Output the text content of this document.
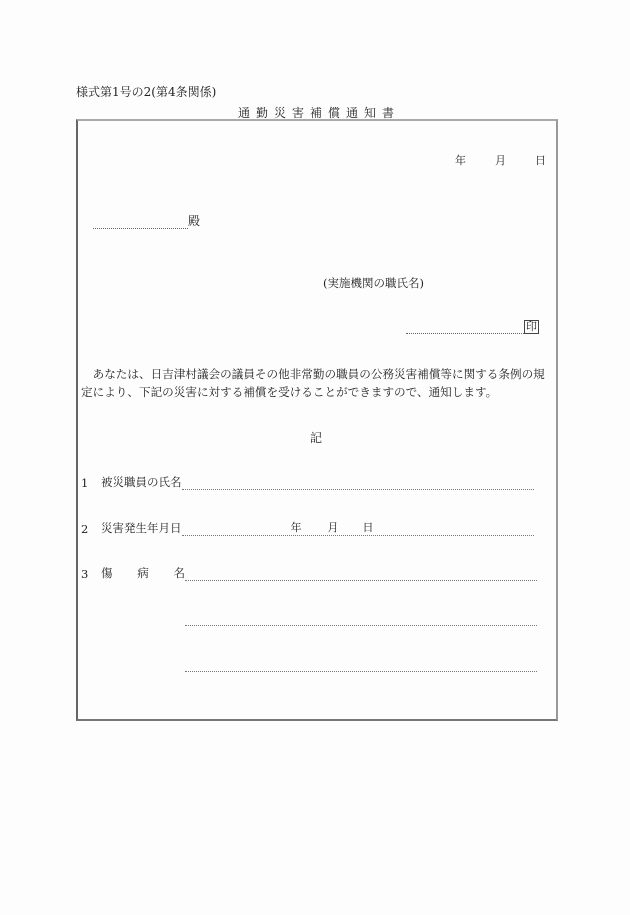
様式第1号の2(第4条関係)
通勤災害補償通知書
年	月	日
殿
(実施機関の職氏名)
印
　あなたは、日吉津村議会の議員その他非常勤の職員の公務災害補償等に関する条例の規定により、下記の災害に対する補償を受けることができますので、通知します。
記
1	被災職員の氏名
2	災害発生年月日	年 月 日
3	傷 病 名
